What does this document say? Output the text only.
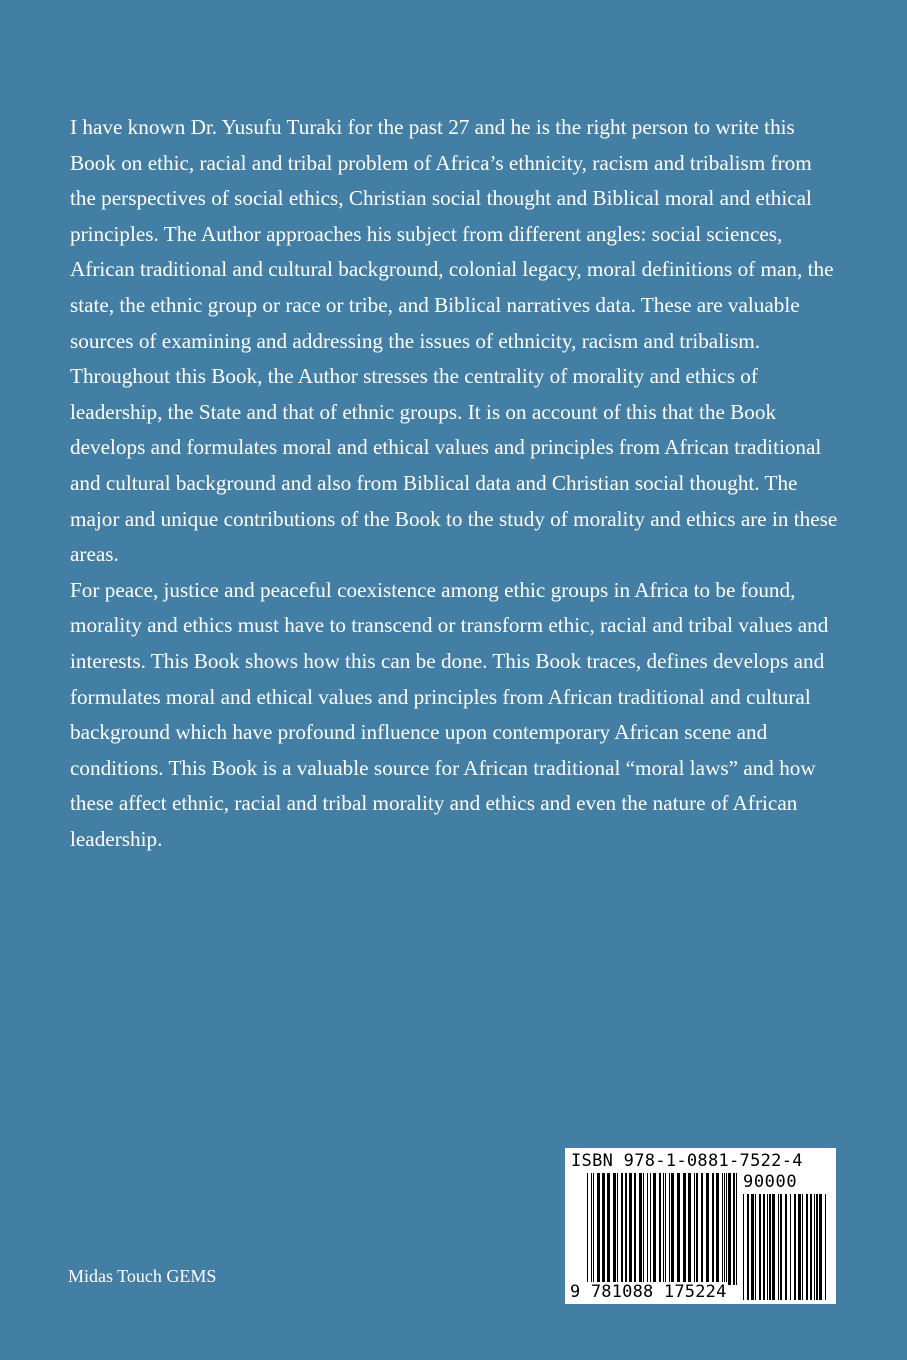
I have known Dr. Yusufu Turaki for the past 27 and he is the right person to write this Book on ethic, racial and tribal problem of Africa’s ethnicity, racism and tribalism from the perspectives of social ethics, Christian social thought and Biblical moral and ethical principles. The Author approaches his subject from different angles: social sciences, African traditional and cultural background, colonial legacy, moral definitions of man, the state, the ethnic group or race or tribe, and Biblical narratives data. These are valuable sources of examining and addressing the issues of ethnicity, racism and tribalism.

Throughout this Book, the Author stresses the centrality of morality and ethics of leadership, the State and that of ethnic groups. It is on account of this that the Book develops and formulates moral and ethical values and principles from African traditional and cultural background and also from Biblical data and Christian social thought. The major and unique contributions of the Book to the study of morality and ethics are in these areas.

For peace, justice and peaceful coexistence among ethic groups in Africa to be found, morality and ethics must have to transcend or transform ethic, racial and tribal values and interests. This Book shows how this can be done. This Book traces, defines develops and formulates moral and ethical values and principles from African traditional and cultural background which have profound influence upon contemporary African scene and conditions. This Book is a valuable source for African traditional “moral laws” and how these affect ethnic, racial and tribal morality and ethics and even the nature of African leadership.

Midas Touch GEMS
ISBN 978-1-0881-7522-4
90000
9 781088 175224
